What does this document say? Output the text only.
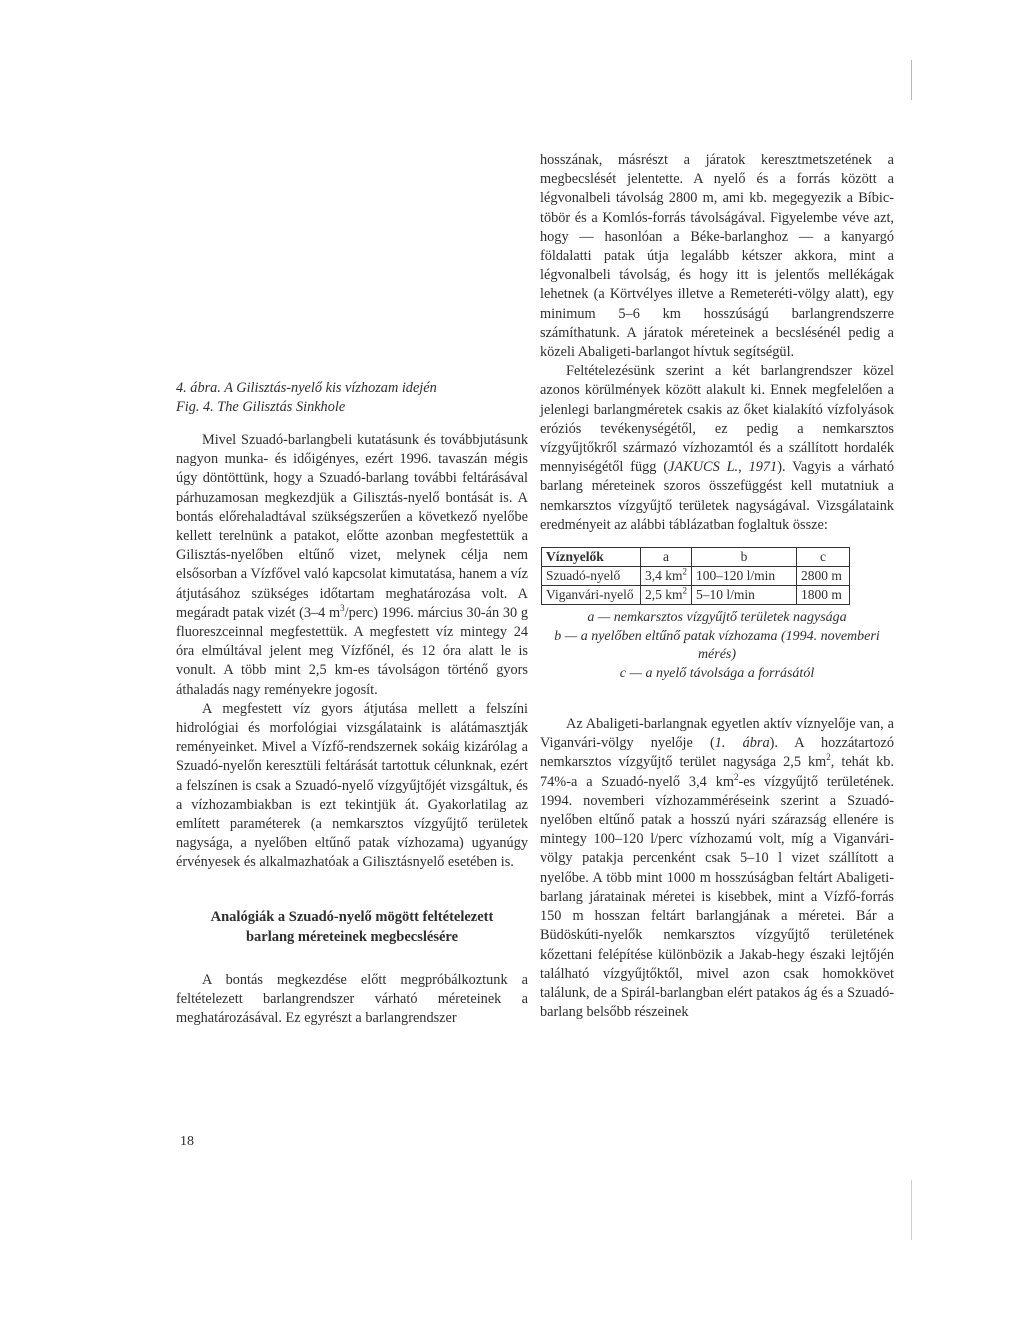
4. ábra. A Gilisztás-nyelő kis vízhozam idején

Fig. 4. The Gilisztás Sinkhole

Mivel Szuadó-barlangbeli kutatásunk és továbbjutásunk nagyon munka- és időigényes, ezért 1996. tavaszán mégis úgy döntöttünk, hogy a Szuadó-barlang további feltárásával párhuzamosan megkezdjük a Gilisztás-nyelő bontását is. A bontás előrehaladtával szükségszerűen a következő nyelőbe kellett terelnünk a patakot, előtte azonban megfestettük a Gilisztás-nyelőben eltűnő vizet, melynek célja nem elsősorban a Vízfővel való kapcsolat kimutatása, hanem a víz átjutásához szükséges időtartam meghatározása volt. A megáradt patak vizét (3–4 $m^3/perc$) 1996. március 30-án 30 g fluoreszceinnal megfestettük. A megfestett víz mintegy 24 óra elmúltával jelent meg Vízfőnél, és 12 óra alatt le is vonult. A több mint 2,5 km-es távolságon történő gyors áthaladás nagy reményekre jogosít.

A megfestett víz gyors átjutása mellett a felszíni hidrológiai és morfológiai vizsgálataink is alátámasztják reményeinket. Mivel a Vízfő-rendszernek sokáig kizárólag a Szuadó-nyelőn keresztüli feltárását tartottuk célunknak, ezért a felszínen is csak a Szuadó-nyelő vízgyűjtőjét vizsgáltuk, és a vízhozambiakban is ezt tekintjük át. Gyakorlatilag az említett paraméterek (a nemkarsztos vízgyűjtő területek nagysága, a nyelőben eltűnő patak vízhozama) ugyanúgy érvényesek és alkalmazhatóak a Gilisztásnyelő esetében is.

Analógiák a Szuadó-nyelő mögött feltételezett
barlang méreteinek megbecslésére

A bontás megkezdése előtt megpróbálkoztunk a feltételezett barlangrendszer várható méreteinek a meghatározásával. Ez egyrészt a barlangrendszer

hosszának, másrészt a járatok keresztmetszetének a megbecslését jelentette. A nyelő és a forrás között a légvonalbeli távolság 2800 m, ami kb. megegyezik a Bíbic-töbör és a Komlós-forrás távolságával. Figyelembe véve azt, hogy — hasonlóan a Béke-barlanghoz — a kanyargó földalatti patak útja legalább kétszer akkora, mint a légvonalbeli távolság, és hogy itt is jelentős mellékágak lehetnek (a Körtvélyes illetve a Remeteréti-völgy alatt), egy minimum 5–6 km hosszúságú barlangrendszerre számíthatunk. A járatok méreteinek a becslésénél pedig a közeli Abaligeti-barlangot hívtuk segítségül.

Feltételezésünk szerint a két barlangrendszer közel azonos körülmények között alakult ki. Ennek megfelelően a jelenlegi barlangméretek csakis az őket kialakító vízfolyások eróziós tevékenységétől, ez pedig a nemkarsztos vízgyűjtőkről származó vízhozamtól és a szállított hordalék mennyiségétől függ (JAKUCS L., 1971). Vagyis a várható barlang méreteinek szoros összefüggést kell mutatniuk a nemkarsztos vízgyűjtő területek nagyságával. Vizsgálataink eredményeit az alábbi táblázatban foglaltuk össze:

Víznyelők	a	b	c
Szuadó-nyelő	3,4 $km^2$	100–120 l/min	2800 m
Viganvári-nyelő	2,5 $km^2$	5–10 l/min	1800 m

a — nemkarsztos vízgyűjtő területek nagysága

b — a nyelőben eltűnő patak vízhozama (1994. novemberi mérés)

c — a nyelő távolsága a forrásától

Az Abaligeti-barlangnak egyetlen aktív víznyelője van, a Viganvári-völgy nyelője (1. ábra). A hozzátartozó nemkarsztos vízgyűjtő terület nagysága 2,5 $km^2$, tehát kb. 74%-a a Szuadó-nyelő 3,4 $km^2-es$ vízgyűjtő területének. 1994. novemberi vízhozamméréseink szerint a Szuadó-nyelőben eltűnő patak a hosszú nyári szárazság ellenére is mintegy 100–120 l/perc vízhozamú volt, míg a Viganvári-völgy patakja percenként csak 5–10 l vizet szállított a nyelőbe. A több mint 1000 m hosszúságban feltárt Abaligeti-barlang járatainak méretei is kisebbek, mint a Vízfő-forrás 150 m hosszan feltárt barlangjának a méretei. Bár a Büdöskúti-nyelők nemkarsztos vízgyűjtő területének kőzettani felépítése különbözik a Jakab-hegy északi lejtőjén található vízgyűjtőktől, mivel azon csak homokkövet találunk, de a Spirál-barlangban elért patakos ág és a Szuadó-barlang belsőbb részeinek

18
